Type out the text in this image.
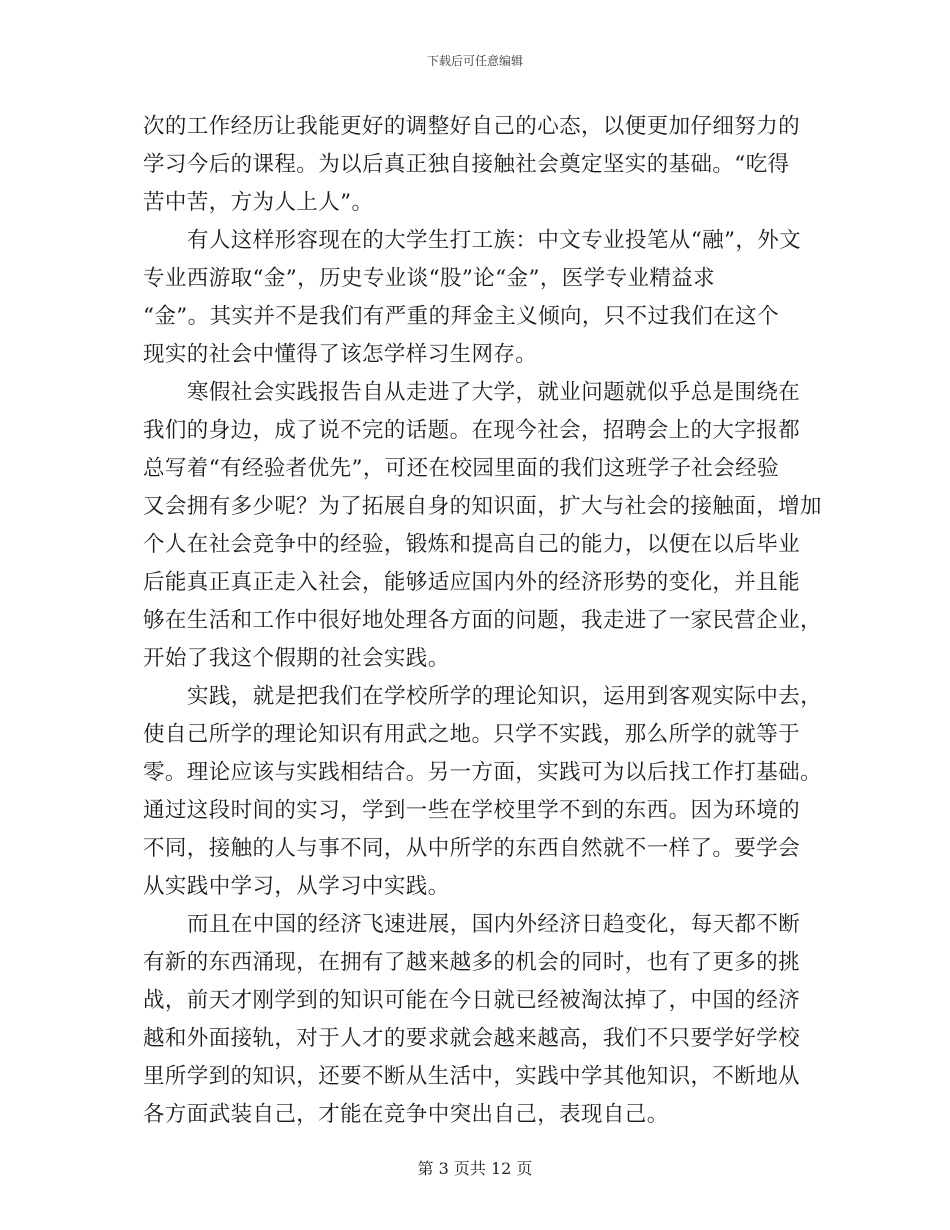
下载后可任意编辑
次的工作经历让我能更好的调整好自己的心态，以便更加仔细努力的
学习今后的课程。为以后真正独自接触社会奠定坚实的基础。“吃得
苦中苦，方为人上人”。
有人这样形容现在的大学生打工族：中文专业投笔从“融”，外文
专业西游取“金”，历史专业谈“股”论“金”，医学专业精益求
“金”。其实并不是我们有严重的拜金主义倾向，只不过我们在这个
现实的社会中懂得了该怎学样习生网存。
寒假社会实践报告自从走进了大学，就业问题就似乎总是围绕在
我们的身边，成了说不完的话题。在现今社会，招聘会上的大字报都
总写着“有经验者优先”，可还在校园里面的我们这班学子社会经验
又会拥有多少呢？为了拓展自身的知识面，扩大与社会的接触面，增加
个人在社会竞争中的经验，锻炼和提高自己的能力，以便在以后毕业
后能真正真正走入社会，能够适应国内外的经济形势的变化，并且能
够在生活和工作中很好地处理各方面的问题，我走进了一家民营企业，
开始了我这个假期的社会实践。
实践，就是把我们在学校所学的理论知识，运用到客观实际中去，
使自己所学的理论知识有用武之地。只学不实践，那么所学的就等于
零。理论应该与实践相结合。另一方面，实践可为以后找工作打基础。
通过这段时间的实习，学到一些在学校里学不到的东西。因为环境的
不同，接触的人与事不同，从中所学的东西自然就不一样了。要学会
从实践中学习，从学习中实践。
而且在中国的经济飞速进展，国内外经济日趋变化，每天都不断
有新的东西涌现，在拥有了越来越多的机会的同时，也有了更多的挑
战，前天才刚学到的知识可能在今日就已经被淘汰掉了，中国的经济
越和外面接轨，对于人才的要求就会越来越高，我们不只要学好学校
里所学到的知识，还要不断从生活中，实践中学其他知识，不断地从
各方面武装自己，才能在竞争中突出自己，表现自己。
第 3 页共 12 页
